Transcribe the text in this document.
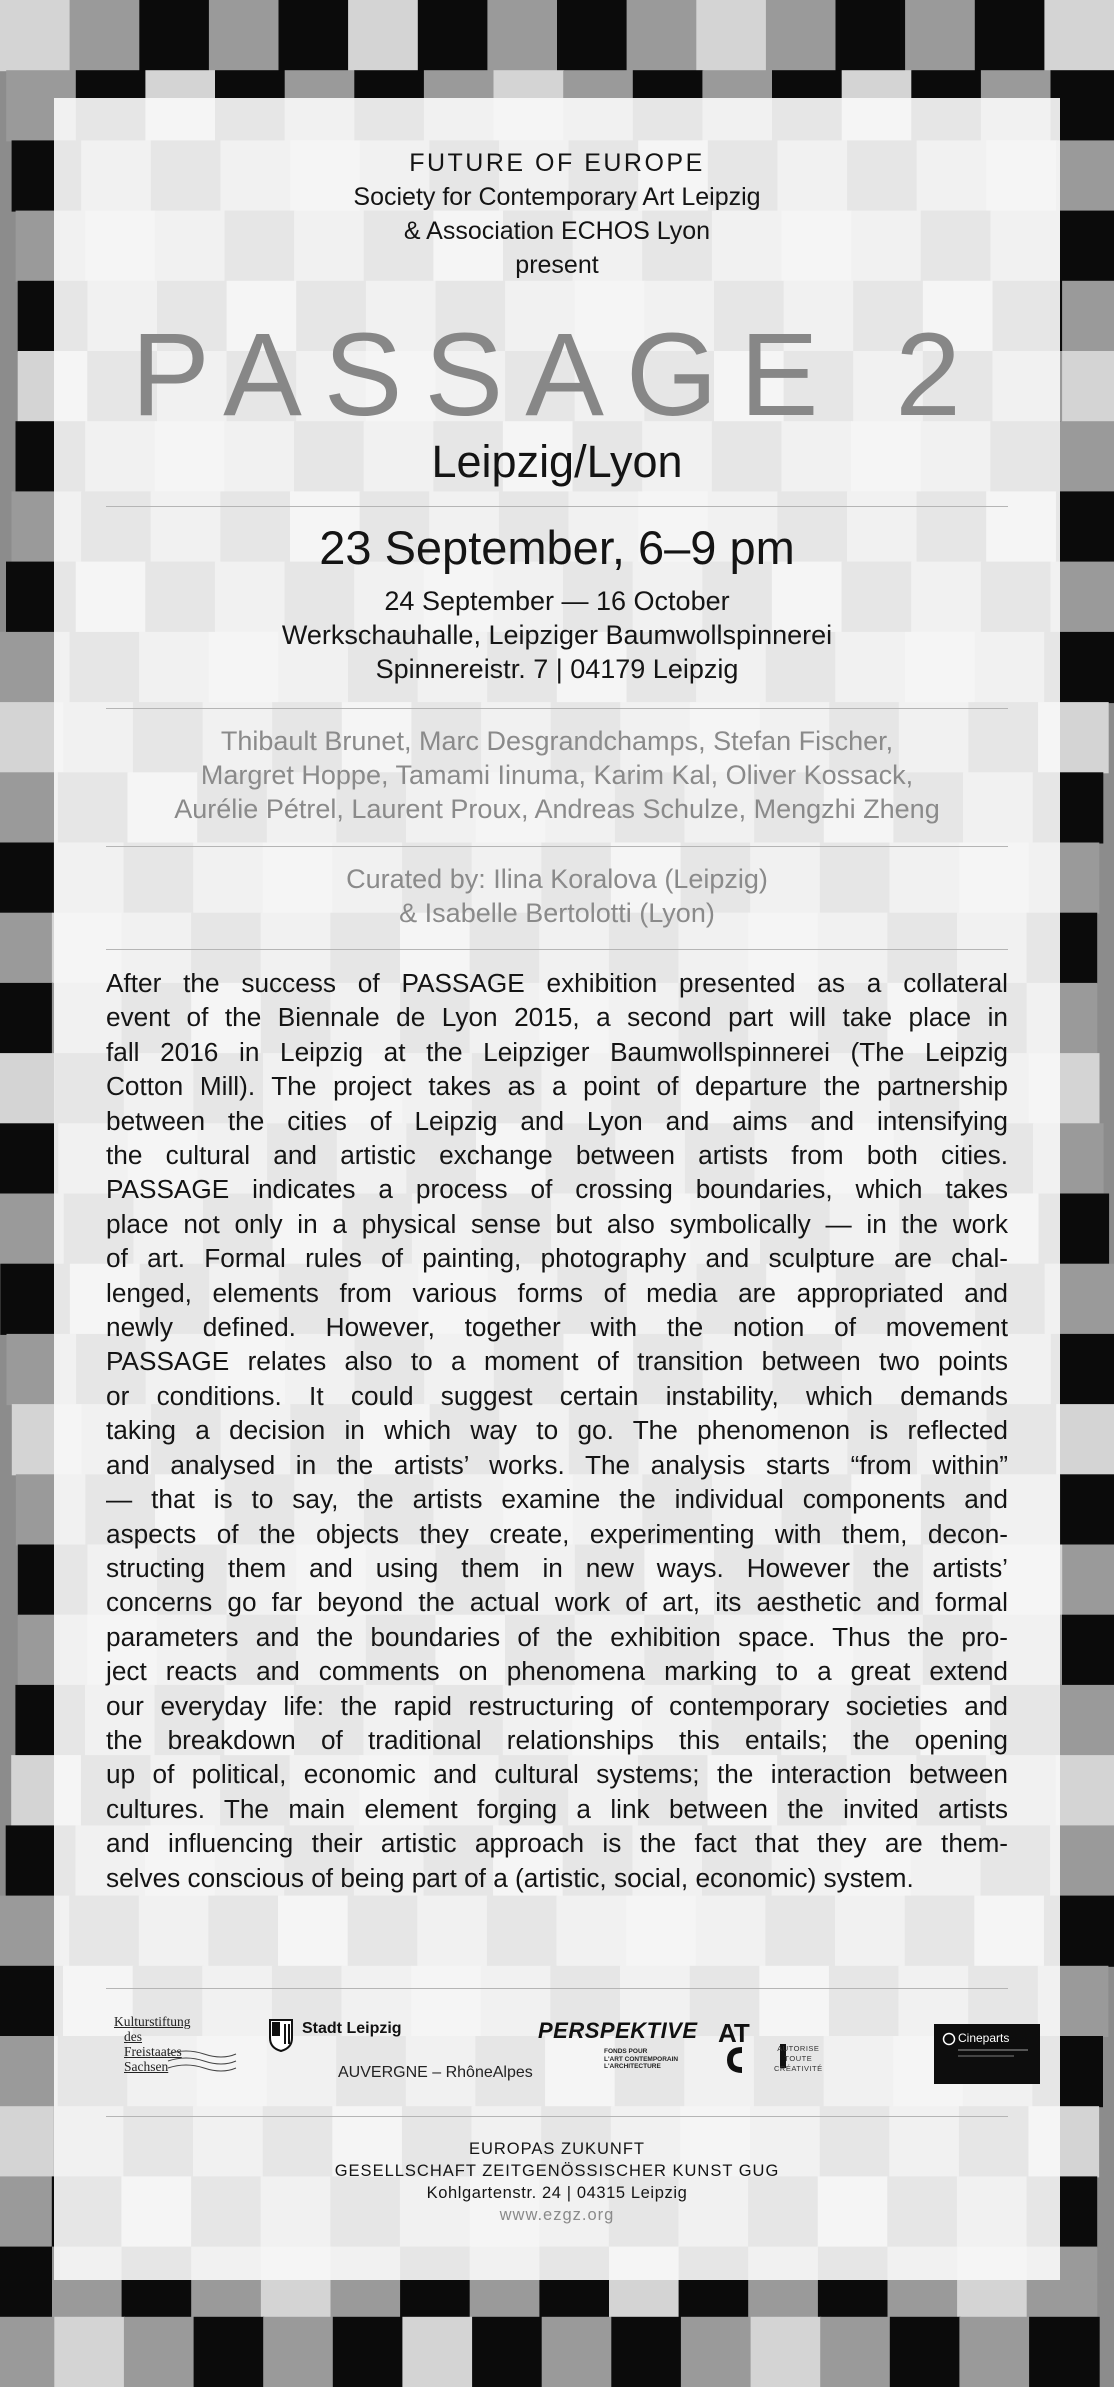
FUTURE OF EUROPE
Society for Contemporary Art Leipzig
& Association ECHOS Lyon
present
PASSAGE 2
Leipzig/Lyon
23 September, 6–9 pm
24 September — 16 October
Werkschauhalle, Leipziger Baumwollspinnerei
Spinnereistr. 7 | 04179 Leipzig
Thibault Brunet, Marc Desgrandchamps, Stefan Fischer,
Margret Hoppe, Tamami Iinuma, Karim Kal, Oliver Kossack,
Aurélie Pétrel, Laurent Proux, Andreas Schulze, Mengzhi Zheng
Curated by: Ilina Koralova (Leipzig)
& Isabelle Bertolotti (Lyon)
After the success of PASSAGE exhibition presented as a collateral
event of the Biennale de Lyon 2015, a second part will take place in
fall 2016 in Leipzig at the Leipziger Baumwollspinnerei (The Leipzig
Cotton Mill). The project takes as a point of departure the partnership
between the cities of Leipzig and Lyon and aims and intensifying
the cultural and artistic exchange between artists from both cities.
PASSAGE indicates a process of crossing boundaries, which takes
place not only in a physical sense but also symbolically — in the work
of art. Formal rules of painting, photography and sculpture are chal-
lenged, elements from various forms of media are appropriated and
newly defined. However, together with the notion of movement
PASSAGE relates also to a moment of transition between two points
or conditions. It could suggest certain instability, which demands
taking a decision in which way to go. The phenomenon is reflected
and analysed in the artists’ works. The analysis starts “from within”
— that is to say, the artists examine the individual components and
aspects of the objects they create, experimenting with them, decon-
structing them and using them in new ways. However the artists’
concerns go far beyond the actual work of art, its aesthetic and formal
parameters and the boundaries of the exhibition space. Thus the pro-
ject reacts and comments on phenomena marking to a great extend
our everyday life: the rapid restructuring of contemporary societies and
the breakdown of traditional relationships this entails; the opening
up of political, economic and cultural systems; the interaction between
cultures. The main element forging a link between the invited artists
and influencing their artistic approach is the fact that they are them-
selves conscious of being part of a (artistic, social, economic) system.
Kulturstiftung
des
Freistaates
Sachsen
Stadt Leipzig
AUVERGNE – RhôneAlpes
PERSPEKTIVE
FONDS POUR
L'ART CONTEMPORAIN
L'ARCHITECTURE
AT
AUTORISE
TOUTE
CRÉATIVITÉ
Cineparts
EUROPAS ZUKUNFT
GESELLSCHAFT ZEITGENÖSSISCHER KUNST GUG
Kohlgartenstr. 24 | 04315 Leipzig
www.ezgz.org
